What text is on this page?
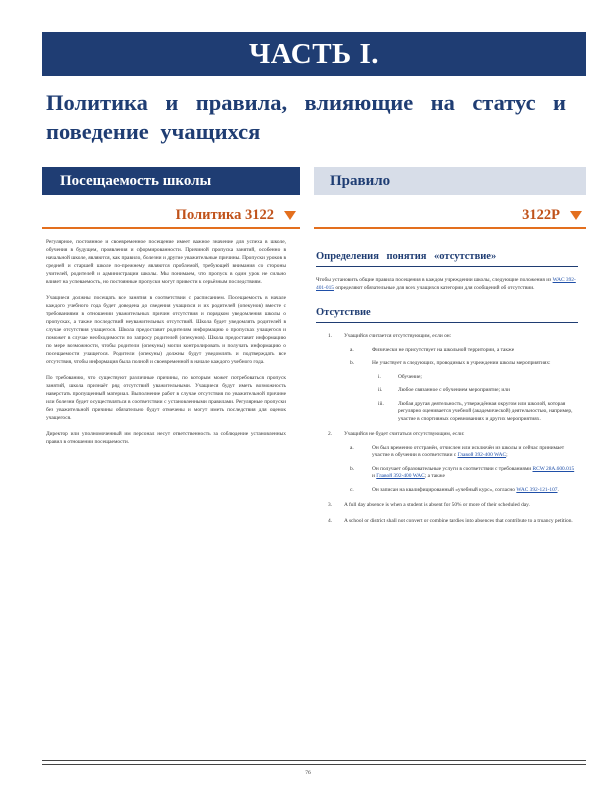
ЧАСТЬ I.
Политика и правила, влияющие на статус и поведение учащихся
Посещаемость школы	Правило
Политика 3122	3122P

Регулярное, постоянное и своевременное посещение имеет важное значение для успеха в школе, обучения в будущем, проявления и сформированности. Причиной пропуска занятий, особенно в начальной школе, являются, как правило, болезни и другие уважительные причины. Пропуски уроков в средней и старшей школе по-прежнему являются проблемой, требующей внимания со стороны учителей, родителей и администрации школы. Мы понимаем, что пропуск в один урок не сильно влияет на успеваемость, но постоянные пропуски могут привести к серьёзным последствиям.

Учащиеся должны посещать все занятия в соответствии с расписанием. Посещаемость в начале каждого учебного года будет доведена до сведения учащихся и их родителей (опекунов) вместе с требованиями в отношении уважительных причин отсутствия и порядком уведомления школы о пропусках, а также последствий неуважительных отсутствий. Школа будет уведомлять родителей в случае отсутствия учащегося. Школа предоставит родителям информацию о пропусках учащегося и поможет в случае необходимости по запросу родителей (опекунов). Школа предоставит информацию по мере возможности, чтобы родители (опекуны) могли контролировать и получать информацию о посещаемости учащегося. Родители (опекуны) должны будут уведомлять и подтверждать все отсутствия, чтобы информация была полной и своевременной в начале каждого учебного года.

По требованию, что существуют различные причины, по которым может потребоваться пропуск занятий, школа признаёт ряд отсутствий уважительными. Учащиеся будут иметь возможность наверстать пропущенный материал. Выполнение работ в случае отсутствия по уважительной причине или болезни будет осуществляться в соответствии с установленными правилами. Регулярные пропуски без уважительной причины обязательно будут отмечены и могут иметь последствия для оценок учащегося.

Директор или уполномоченный им персонал несут ответственность за соблюдение установленных правил в отношении посещаемости.

Определения понятия «отсутствие»

Чтобы установить общие правила посещения в каждом учреждении школы, следующие положения из WAC 392-401-015 определяют обязательные для всех учащихся категории для сообщений об отсутствии.

Отсутствие
1. Учащийся считается отсутствующим, если он:
a.	Физически не присутствует на школьной территории, а также
b.	Не участвует в следующих, проводимых в учреждении школы мероприятиях:
i.	Обучение;
ii.	Любое связанное с обучением мероприятие; или
iii.	Любая другая деятельность, утверждённая округом или школой, которая регулярно оценивается учебной (академической) деятельностью, например, участие в спортивных соревнованиях и других мероприятиях.
2. Учащийся не будет считаться отсутствующим, если:
a.	Он был временно отстранён, отчислен или исключён из школы и сейчас принимает участие в обучении в соответствии с Главой 392-400 WAC;
b.	Он получает образовательные услуги в соответствии с требованиями RCW 28A.600.015 и Главой 392-400 WAC; а также
c.	Он записан на квалифицированный «учебный курс», согласно WAC 392-121-107.
3. A full day absence is when a student is absent for 50% or more of their scheduled day.
4. A school or district shall not convert or combine tardies into absences that contribute to a truancy petition.
76
